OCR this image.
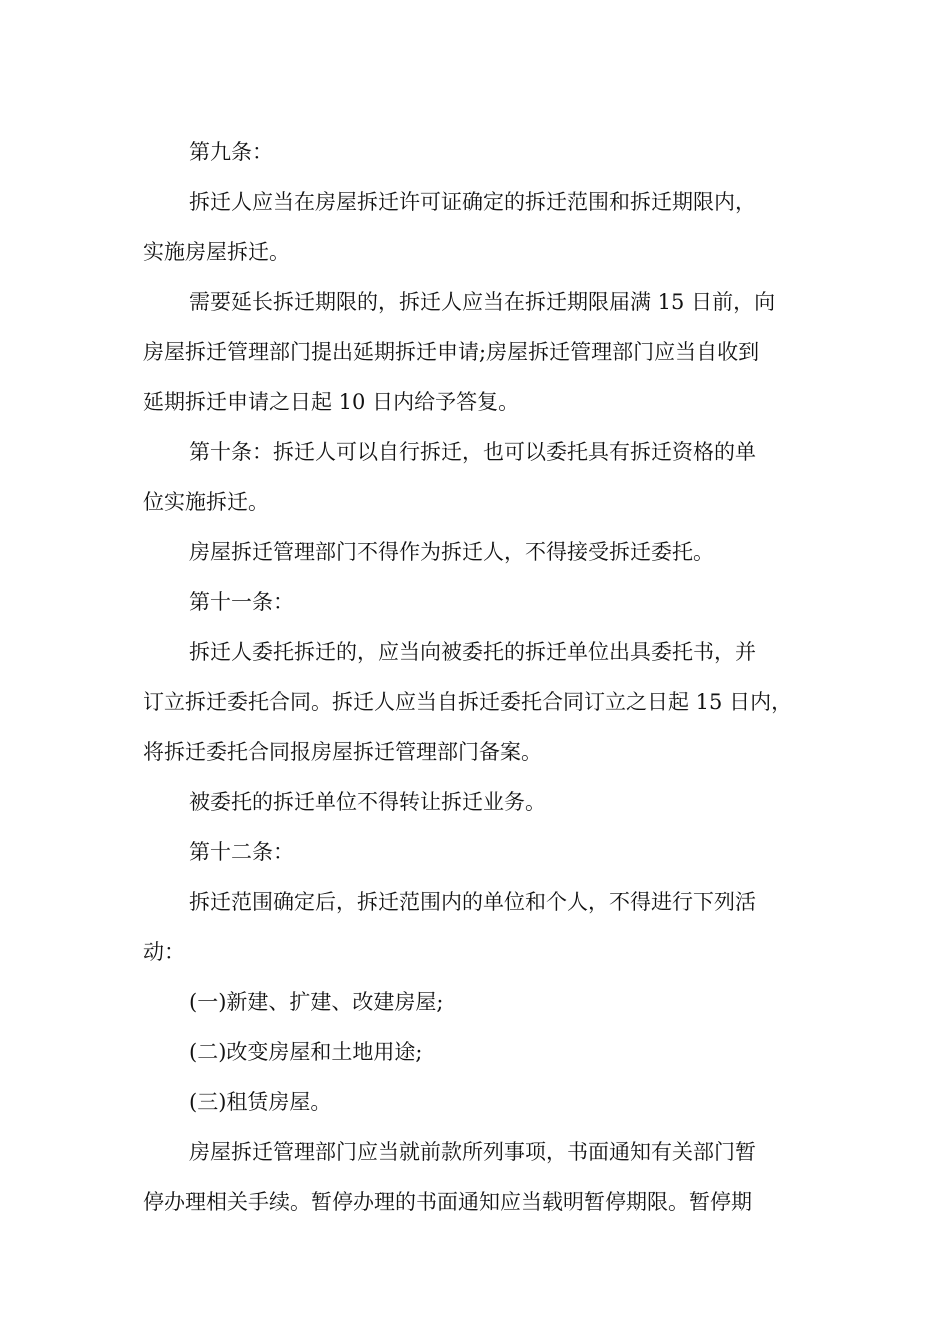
第九条：
拆迁人应当在房屋拆迁许可证确定的拆迁范围和拆迁期限内，
实施房屋拆迁。
需要延长拆迁期限的，拆迁人应当在拆迁期限届满 15 日前，向
房屋拆迁管理部门提出延期拆迁申请;房屋拆迁管理部门应当自收到
延期拆迁申请之日起 10 日内给予答复。
第十条：拆迁人可以自行拆迁，也可以委托具有拆迁资格的单
位实施拆迁。
房屋拆迁管理部门不得作为拆迁人，不得接受拆迁委托。
第十一条：
拆迁人委托拆迁的，应当向被委托的拆迁单位出具委托书，并
订立拆迁委托合同。拆迁人应当自拆迁委托合同订立之日起 15 日内，
将拆迁委托合同报房屋拆迁管理部门备案。
被委托的拆迁单位不得转让拆迁业务。
第十二条：
拆迁范围确定后，拆迁范围内的单位和个人，不得进行下列活
动：
(一)新建、扩建、改建房屋;
(二)改变房屋和土地用途;
(三)租赁房屋。
房屋拆迁管理部门应当就前款所列事项，书面通知有关部门暂
停办理相关手续。暂停办理的书面通知应当载明暂停期限。暂停期
